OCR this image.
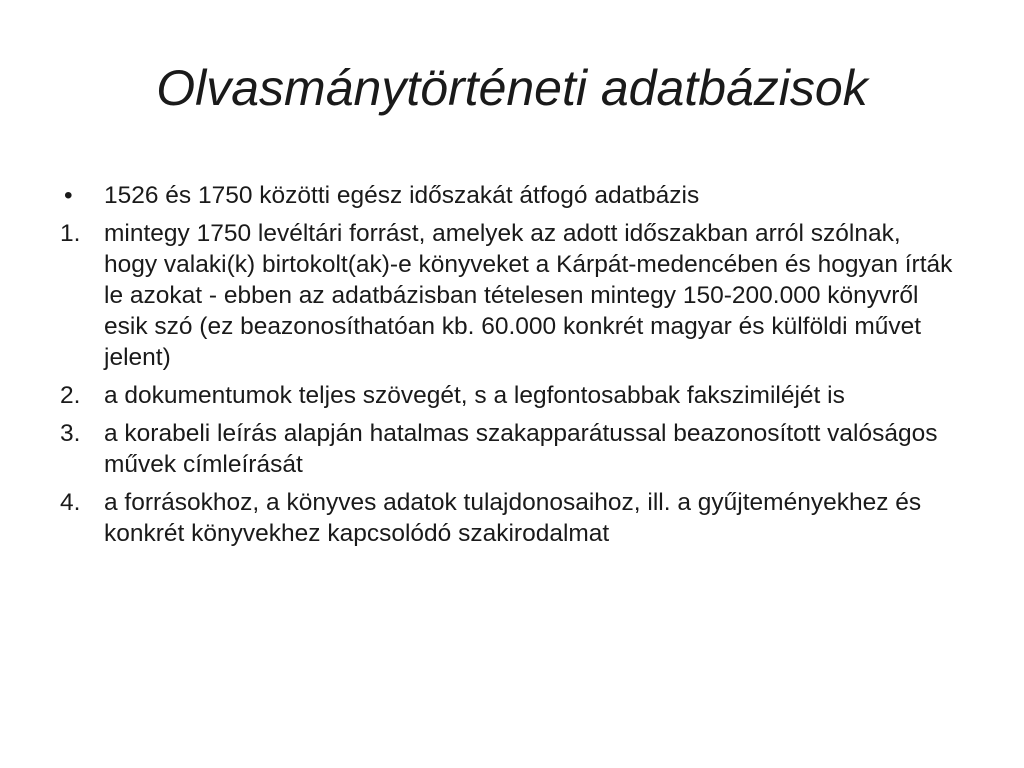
Olvasmánytörténeti adatbázisok
•	1526 és 1750 közötti egész időszakát átfogó adatbázis
1. mintegy 1750 levéltári forrást, amelyek az adott időszakban arról szólnak, hogy valaki(k) birtokolt(ak)-e könyveket a Kárpát-medencében és hogyan írták le azokat - ebben az adatbázisban tételesen mintegy 150-200.000 könyvről esik szó (ez beazonosíthatóan kb. 60.000 konkrét magyar és külföldi művet jelent)
2. a dokumentumok teljes szövegét, s a legfontosabbak fakszimiléjét is
3. a korabeli leírás alapján hatalmas szakapparátussal beazonosított valóságos művek címleírását
4. a forrásokhoz, a könyves adatok tulajdonosaihoz, ill. a gyűjteményekhez és konkrét könyvekhez kapcsolódó szakirodalmat
